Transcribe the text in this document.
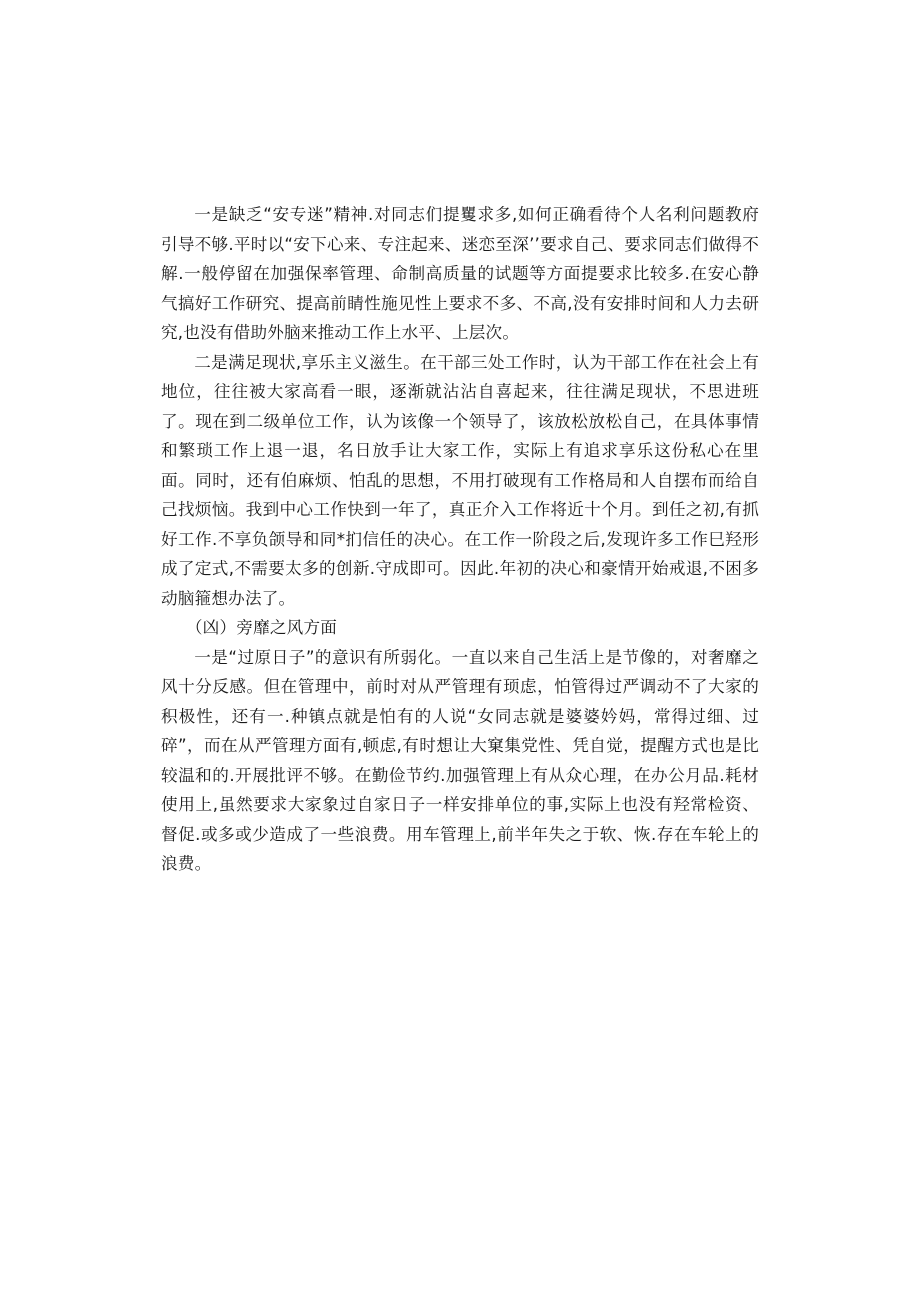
一是缺乏“安专迷”精神.对同志们提矍求多,如何正确看待个人名利问题教府引导不够.平时以“安下心来、专注起来、迷恋至深’’要求自己、要求同志们做得不解.一般停留在加强保率管理、命制高质量的试题等方面提要求比较多.在安心静气搞好工作研究、提高前睛性施见性上要求不多、不高,没有安排时间和人力去研究,也没有借助外脑来推动工作上水平、上层次。

二是满足现状,享乐主义滋生。在干部三处工作时，认为干部工作在社会上有地位，往往被大家高看一眼，逐渐就沾沾自喜起来，往往满足现状，不思进班了。现在到二级单位工作，认为该像一个领导了，该放松放松自己，在具体事情和繁琐工作上退一退，名日放手让大家工作，实际上有追求享乐这份私心在里面。同时，还有伯麻烦、怕乱的思想，不用打破现有工作格局和人自摆布而给自己找烦恼。我到中心工作快到一年了，真正介入工作将近十个月。到任之初,有抓好工作.不享负颌导和同*扪信任的决心。在工作一阶段之后,发现许多工作巳羟形成了定式,不需要太多的创新.守成即可。因此.年初的决心和豪情开始戒退,不困多动脑箍想办法了。

（凶）旁靡之风方面

一是“过原日子”的意识有所弱化。一直以来自己生活上是节像的，对奢靡之风十分反感。但在管理中，前时对从严管理有顼虑，怕管得过严调动不了大家的积极性，还有一.种镇点就是怕有的人说“女同志就是婆婆妗妈，常得过细、过碎”，而在从严管理方面有,顿虑,有时想让大窠集党性、凭自觉，提醒方式也是比较温和的.开展批评不够。在勤俭节约.加强管理上有从众心理，在办公月品.耗材使用上,虽然要求大家象过自家日子一样安排单位的事,实际上也没有羟常检资、督促.或多或少造成了一些浪费。用车管理上,前半年失之于软、恢.存在车轮上的浪费。
